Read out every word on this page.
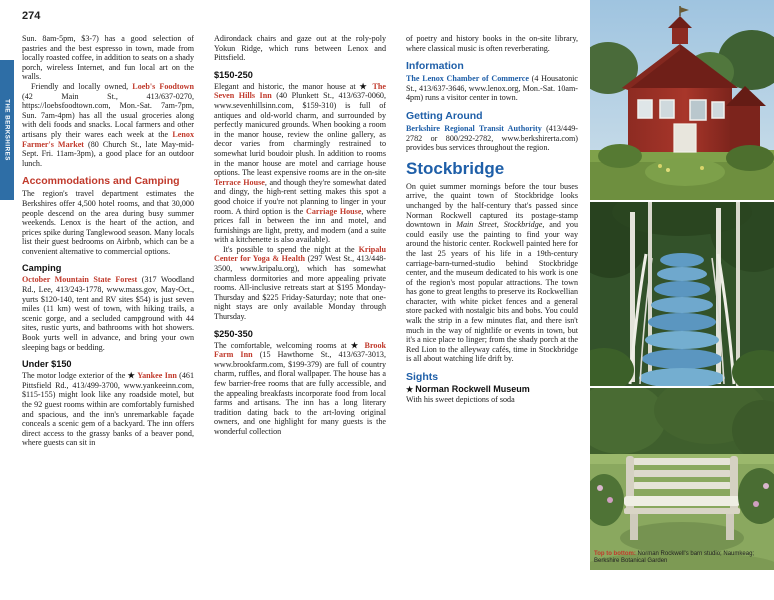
274
THE BERKSHIRES

Sun. 8am-5pm, $3-7) has a good selection of pastries and the best espresso in town, made from locally roasted coffee, in addition to seats on a shady porch, wireless Internet, and fun local art on the walls.

Friendly and locally owned, Loeb's Foodtown (42 Main St., 413/637-0270, https://loebsfoodtown.com, Mon.-Sat. 7am-7pm, Sun. 7am-4pm) has all the usual groceries along with deli foods and snacks. Local farmers and other artisans ply their wares each week at the Lenox Farmer's Market (80 Church St., late May-mid-Sept. Fri. 11am-3pm), a good place for an outdoor lunch.

Accommodations and Camping

The region's travel department estimates the Berkshires offer 4,500 hotel rooms, and that 30,000 people descend on the area during busy summer weekends. Lenox is the heart of the action, and prices spike during Tanglewood season. Many locals list their guest bedrooms on Airbnb, which can be a convenient alternative to commercial options.

Camping

October Mountain State Forest (317 Woodland Rd., Lee, 413/243-1778, www.mass.gov, May-Oct., yurts $120-140, tent and RV sites $54) is just seven miles (11 km) west of town, with hiking trails, a scenic gorge, and a secluded campground with 44 sites, rustic yurts, and bathrooms with hot showers. Book yurts well in advance, and bring your own sleeping bags or bedding.

Under $150

The motor lodge exterior of the ★ Yankee Inn (461 Pittsfield Rd., 413/499-3700, www.yankeeinn.com, $115-155) might look like any roadside motel, but the 92 guest rooms within are comfortably furnished and spacious, and the inn's unremarkable façade conceals a scenic gem of a backyard. The inn offers direct access to the grassy banks of a beaver pond, where guests can sit in

Adirondack chairs and gaze out at the roly-poly Yokun Ridge, which runs between Lenox and Pittsfield.

$150-250

Elegant and historic, the manor house at ★ The Seven Hills Inn (40 Plunkett St., 413/637-0060, www.sevenhillsinn.com, $159-310) is full of antiques and old-world charm, and surrounded by perfectly manicured grounds. When booking a room in the manor house, review the online gallery, as decor varies from charmingly restrained to somewhat lurid boudoir plush. In addition to rooms in the manor house are motel and carriage house options. The least expensive rooms are in the on-site Terrace House, and though they're somewhat dated and dingy, the high-rent setting makes this spot a good choice if you're not planning to linger in your room. A third option is the Carriage House, where prices fall in between the inn and motel, and furnishings are light, pretty, and modern (and a suite with a kitchenette is also available).

It's possible to spend the night at the Kripalu Center for Yoga & Health (297 West St., 413/448-3500, www.kripalu.org), which has somewhat charmless dormitories and more appealing private rooms. All-inclusive retreats start at $195 Monday-Thursday and $225 Friday-Saturday; note that one-night stays are only available Monday through Thursday.

$250-350

The comfortable, welcoming rooms at ★ Brook Farm Inn (15 Hawthorne St., 413/637-3013, www.brookfarm.com, $199-379) are full of country charm, ruffles, and floral wallpaper. The house has a few barrier-free rooms that are fully accessible, and the appealing breakfasts incorporate food from local farms and artisans. The inn has a long literary tradition dating back to the art-loving original owners, and one highlight for many guests is the wonderful collection

of poetry and history books in the on-site library, where classical music is often reverberating.

Information

The Lenox Chamber of Commerce (4 Housatonic St., 413/637-3646, www.lenox.org, Mon.-Sat. 10am-4pm) runs a visitor center in town.

Getting Around

Berkshire Regional Transit Authority (413/449-2782 or 800/292-2782, www.berkshirerta.com) provides bus services throughout the region.

Stockbridge

On quiet summer mornings before the tour buses arrive, the quaint town of Stockbridge looks unchanged by the half-century that's passed since Norman Rockwell captured its postage-stamp downtown in Main Street, Stockbridge, and you could easily use the painting to find your way around the historic center. Rockwell painted here for the last 25 years of his life in a 19th-century carriage-barn-turned-studio behind Stockbridge center, and the museum dedicated to his work is one of the region's most popular attractions. The town has gone to great lengths to preserve its Rockwellian character, with white picket fences and a general store packed with nostalgic bits and bobs. You could walk the strip in a few minutes flat, and there isn't much in the way of nightlife or events in town, but it's a nice place to linger; from the shady porch at the Red Lion to the alleyway cafés, time in Stockbridge is all about watching life drift by.

Sights

★ Norman Rockwell Museum

With his sweet depictions of soda

Top to bottom: Norman Rockwell's barn studio; Naumkeag; Berkshire Botanical Garden
